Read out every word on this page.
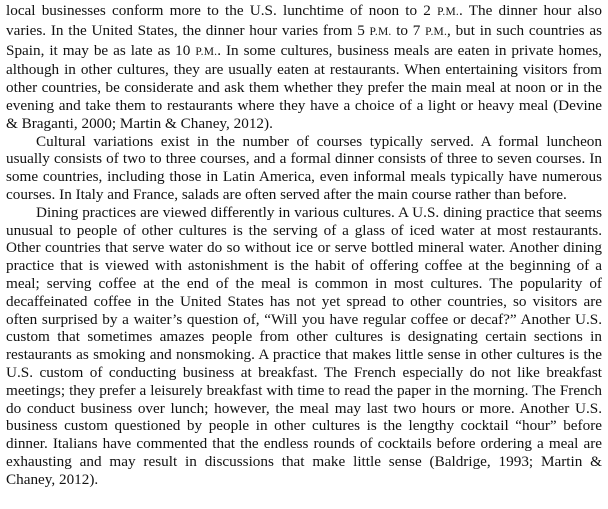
local businesses conform more to the U.S. lunchtime of noon to 2 P.M.. The dinner hour also varies. In the United States, the dinner hour varies from 5 P.M. to 7 P.M., but in such countries as Spain, it may be as late as 10 P.M.. In some cultures, business meals are eaten in private homes, although in other cultures, they are usually eaten at restaurants. When entertaining visitors from other countries, be considerate and ask them whether they prefer the main meal at noon or in the evening and take them to restaurants where they have a choice of a light or heavy meal (Devine & Braganti, 2000; Martin & Chaney, 2012).

Cultural variations exist in the number of courses typically served. A formal luncheon usually consists of two to three courses, and a formal dinner consists of three to seven courses. In some countries, including those in Latin America, even informal meals typically have numerous courses. In Italy and France, salads are often served after the main course rather than before.

Dining practices are viewed differently in various cultures. A U.S. dining practice that seems unusual to people of other cultures is the serving of a glass of iced water at most restaurants. Other countries that serve water do so without ice or serve bottled mineral water. Another dining practice that is viewed with astonishment is the habit of offering coffee at the beginning of a meal; serving coffee at the end of the meal is common in most cultures. The popularity of decaffeinated coffee in the United States has not yet spread to other countries, so visitors are often surprised by a waiter’s question of, “Will you have regular coffee or decaf?” Another U.S. custom that sometimes amazes people from other cultures is designating certain sections in restaurants as smoking and nonsmoking. A practice that makes little sense in other cultures is the U.S. custom of conducting business at breakfast. The French especially do not like breakfast meetings; they prefer a leisurely breakfast with time to read the paper in the morning. The French do conduct business over lunch; however, the meal may last two hours or more. Another U.S. business custom questioned by people in other cultures is the lengthy cocktail “hour” before dinner. Italians have commented that the endless rounds of cocktails before ordering a meal are exhausting and may result in discussions that make little sense (Baldrige, 1993; Martin & Chaney, 2012).
